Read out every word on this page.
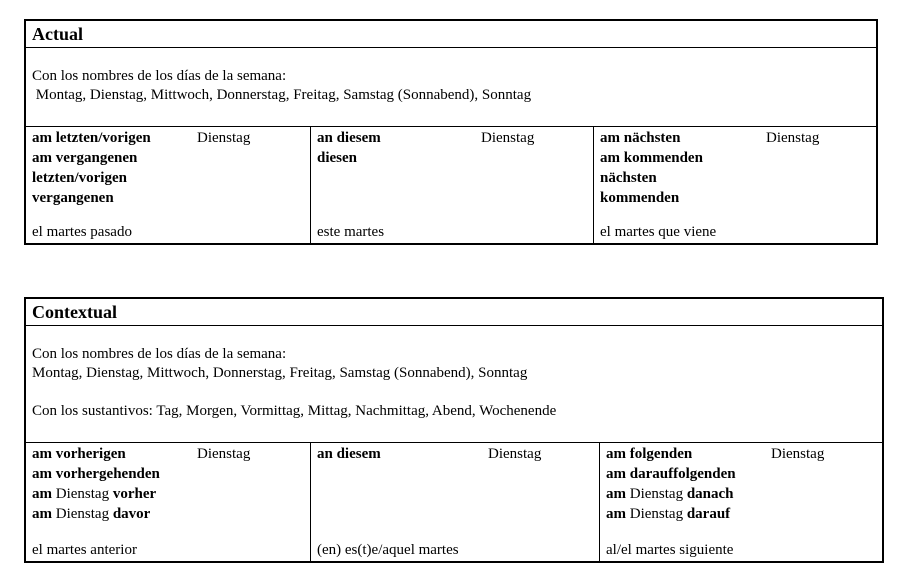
Actual

Con los nombres de los días de la semana:

Montag, Dienstag, Mittwoch, Donnerstag, Freitag, Samstag (Sonnabend), Sonntag

am letzten/vorigen
am vergangenen
letzten/vorigen
vergangenen
Dienstag
el martes pasado
an diesem
diesen
Dienstag
este martes
am nächsten
am kommenden
nächsten
kommenden
Dienstag
el martes que viene
Contextual

Con los nombres de los días de la semana:

Montag, Dienstag, Mittwoch, Donnerstag, Freitag, Samstag (Sonnabend), Sonntag

Con los sustantivos: Tag, Morgen, Vormittag, Mittag, Nachmittag, Abend, Wochenende

am vorherigen
am vorhergehenden
am Dienstag vorher
am Dienstag davor
Dienstag
el martes anterior
an diesem	Dienstag
(en) es(t)e/aquel martes
am folgenden
am darauffolgenden
am Dienstag danach
am Dienstag darauf
Dienstag
al/el martes siguiente
